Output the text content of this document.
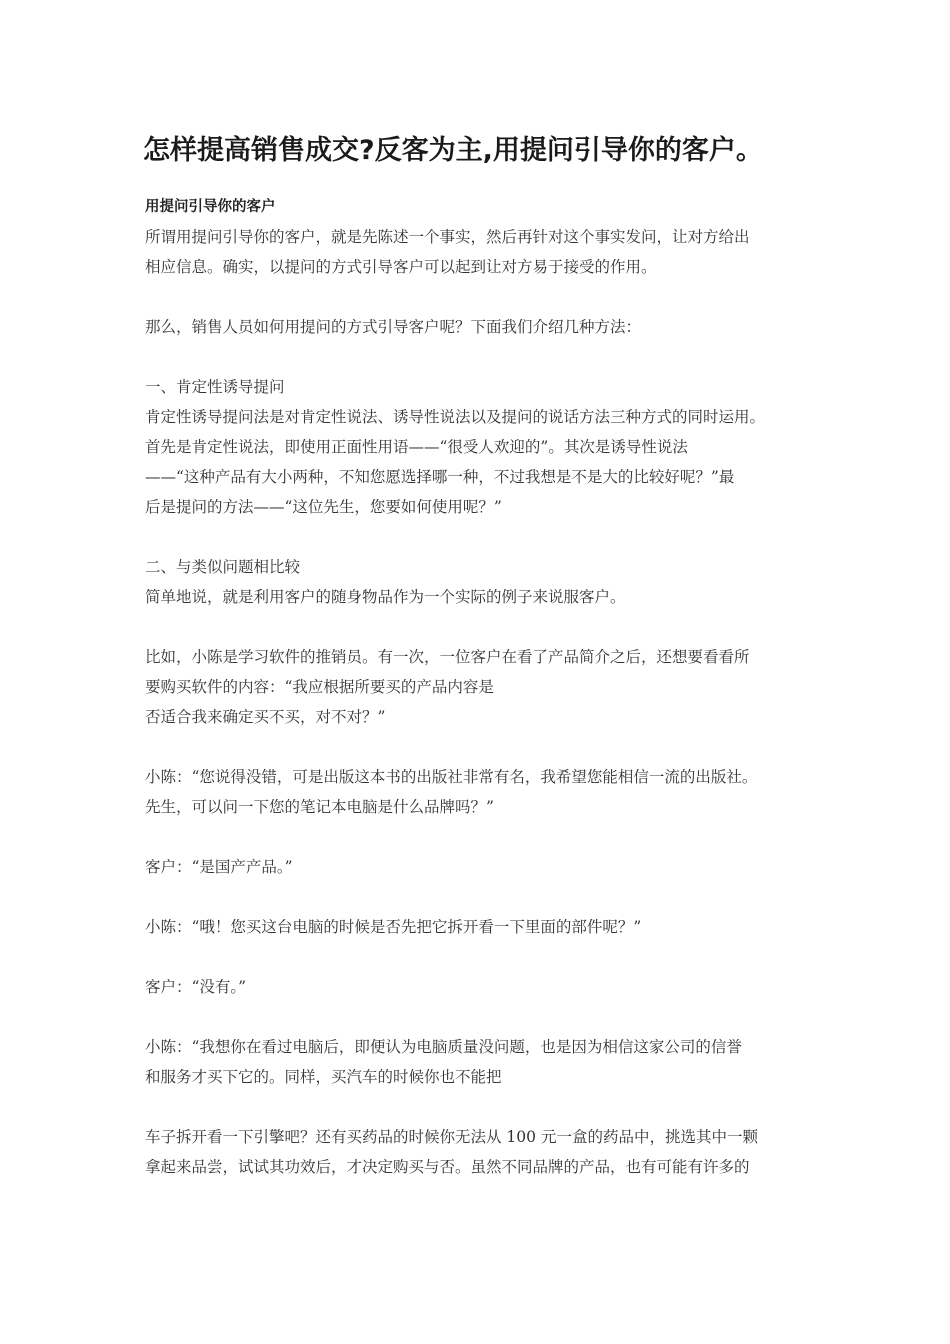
怎样提高销售成交?反客为主,用提问引导你的客户。
用提问引导你的客户
所谓用提问引导你的客户，就是先陈述一个事实，然后再针对这个事实发问，让对方给出
相应信息。确实，以提问的方式引导客户可以起到让对方易于接受的作用。
那么，销售人员如何用提问的方式引导客户呢？下面我们介绍几种方法：
一、肯定性诱导提问
肯定性诱导提问法是对肯定性说法、诱导性说法以及提问的说话方法三种方式的同时运用。
首先是肯定性说法，即使用正面性用语——“很受人欢迎的”。其次是诱导性说法
——“这种产品有大小两种，不知您愿选择哪一种，不过我想是不是大的比较好呢？”最
后是提问的方法——“这位先生，您要如何使用呢？”
二、与类似问题相比较
简单地说，就是利用客户的随身物品作为一个实际的例子来说服客户。
比如，小陈是学习软件的推销员。有一次，一位客户在看了产品简介之后，还想要看看所
要购买软件的内容：“我应根据所要买的产品内容是
否适合我来确定买不买，对不对？”
小陈：“您说得没错，可是出版这本书的出版社非常有名，我希望您能相信一流的出版社。
先生，可以问一下您的笔记本电脑是什么品牌吗？”
客户：“是国产产品。”
小陈：“哦！您买这台电脑的时候是否先把它拆开看一下里面的部件呢？”
客户：“没有。”
小陈：“我想你在看过电脑后，即便认为电脑质量没问题，也是因为相信这家公司的信誉
和服务才买下它的。同样，买汽车的时候你也不能把
车子拆开看一下引擎吧？还有买药品的时候你无法从 100 元一盒的药品中，挑选其中一颗
拿起来品尝，试试其功效后，才决定购买与否。虽然不同品牌的产品，也有可能有许多的
